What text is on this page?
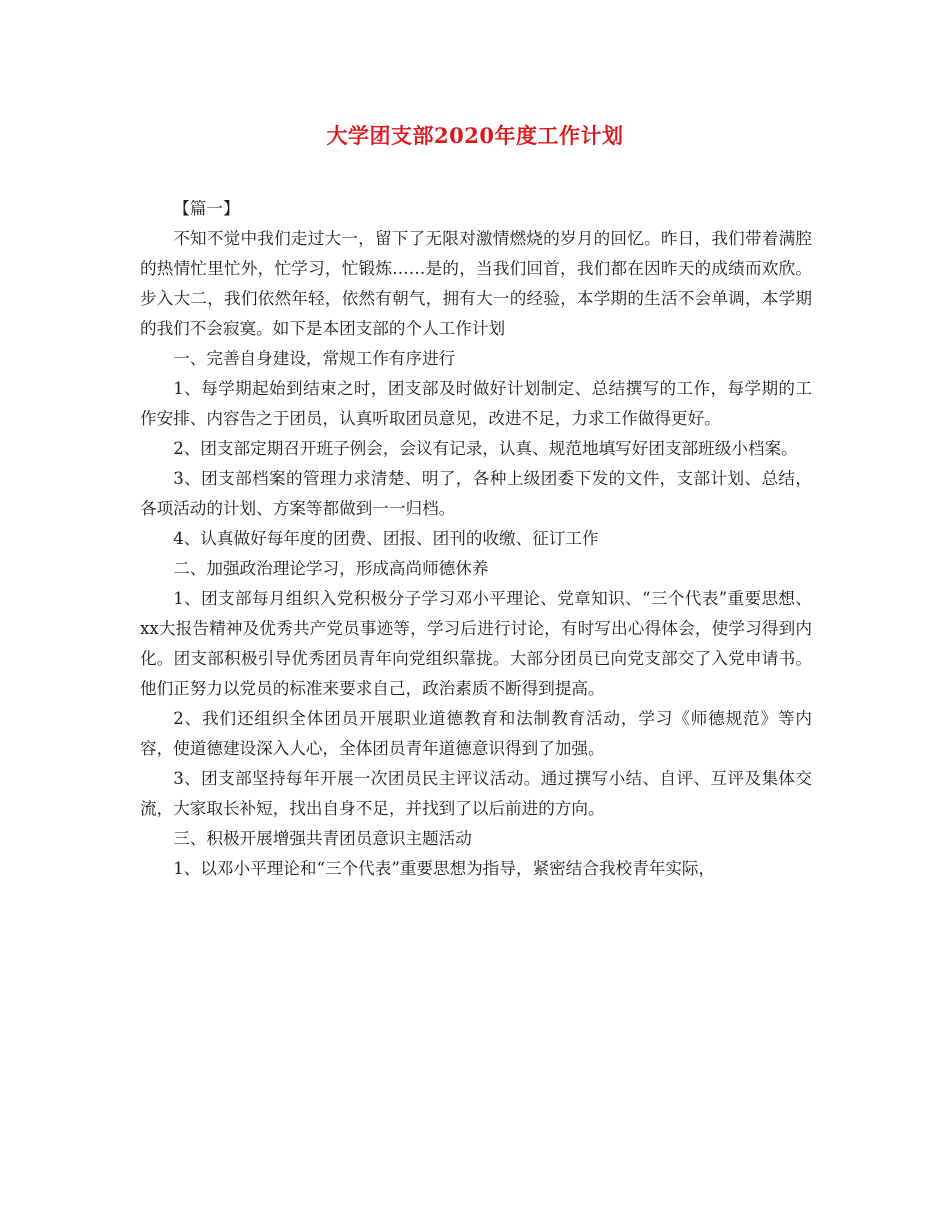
大学团支部2020年度工作计划

【篇一】

不知不觉中我们走过大一，留下了无限对激情燃烧的岁月的回忆。昨日，我们带着满腔的热情忙里忙外，忙学习，忙锻炼……是的，当我们回首，我们都在因昨天的成绩而欢欣。步入大二，我们依然年轻，依然有朝气，拥有大一的经验，本学期的生活不会单调，本学期的我们不会寂寞。如下是本团支部的个人工作计划

一、完善自身建设，常规工作有序进行

1、每学期起始到结束之时，团支部及时做好计划制定、总结撰写的工作，每学期的工作安排、内容告之于团员，认真听取团员意见，改进不足，力求工作做得更好。

2、团支部定期召开班子例会，会议有记录，认真、规范地填写好团支部班级小档案。

3、团支部档案的管理力求清楚、明了，各种上级团委下发的文件，支部计划、总结，各项活动的计划、方案等都做到一一归档。

4、认真做好每年度的团费、团报、团刊的收缴、征订工作

二、加强政治理论学习，形成高尚师德休养

1、团支部每月组织入党积极分子学习邓小平理论、党章知识、“三个代表”重要思想、xx大报告精神及优秀共产党员事迹等，学习后进行讨论，有时写出心得体会，使学习得到内化。团支部积极引导优秀团员青年向党组织靠拢。大部分团员已向党支部交了入党申请书。他们正努力以党员的标准来要求自己，政治素质不断得到提高。

2、我们还组织全体团员开展职业道德教育和法制教育活动，学习《师德规范》等内容，使道德建设深入人心，全体团员青年道德意识得到了加强。

3、团支部坚持每年开展一次团员民主评议活动。通过撰写小结、自评、互评及集体交流，大家取长补短，找出自身不足，并找到了以后前进的方向。

三、积极开展增强共青团员意识主题活动

1、以邓小平理论和“三个代表”重要思想为指导，紧密结合我校青年实际，
